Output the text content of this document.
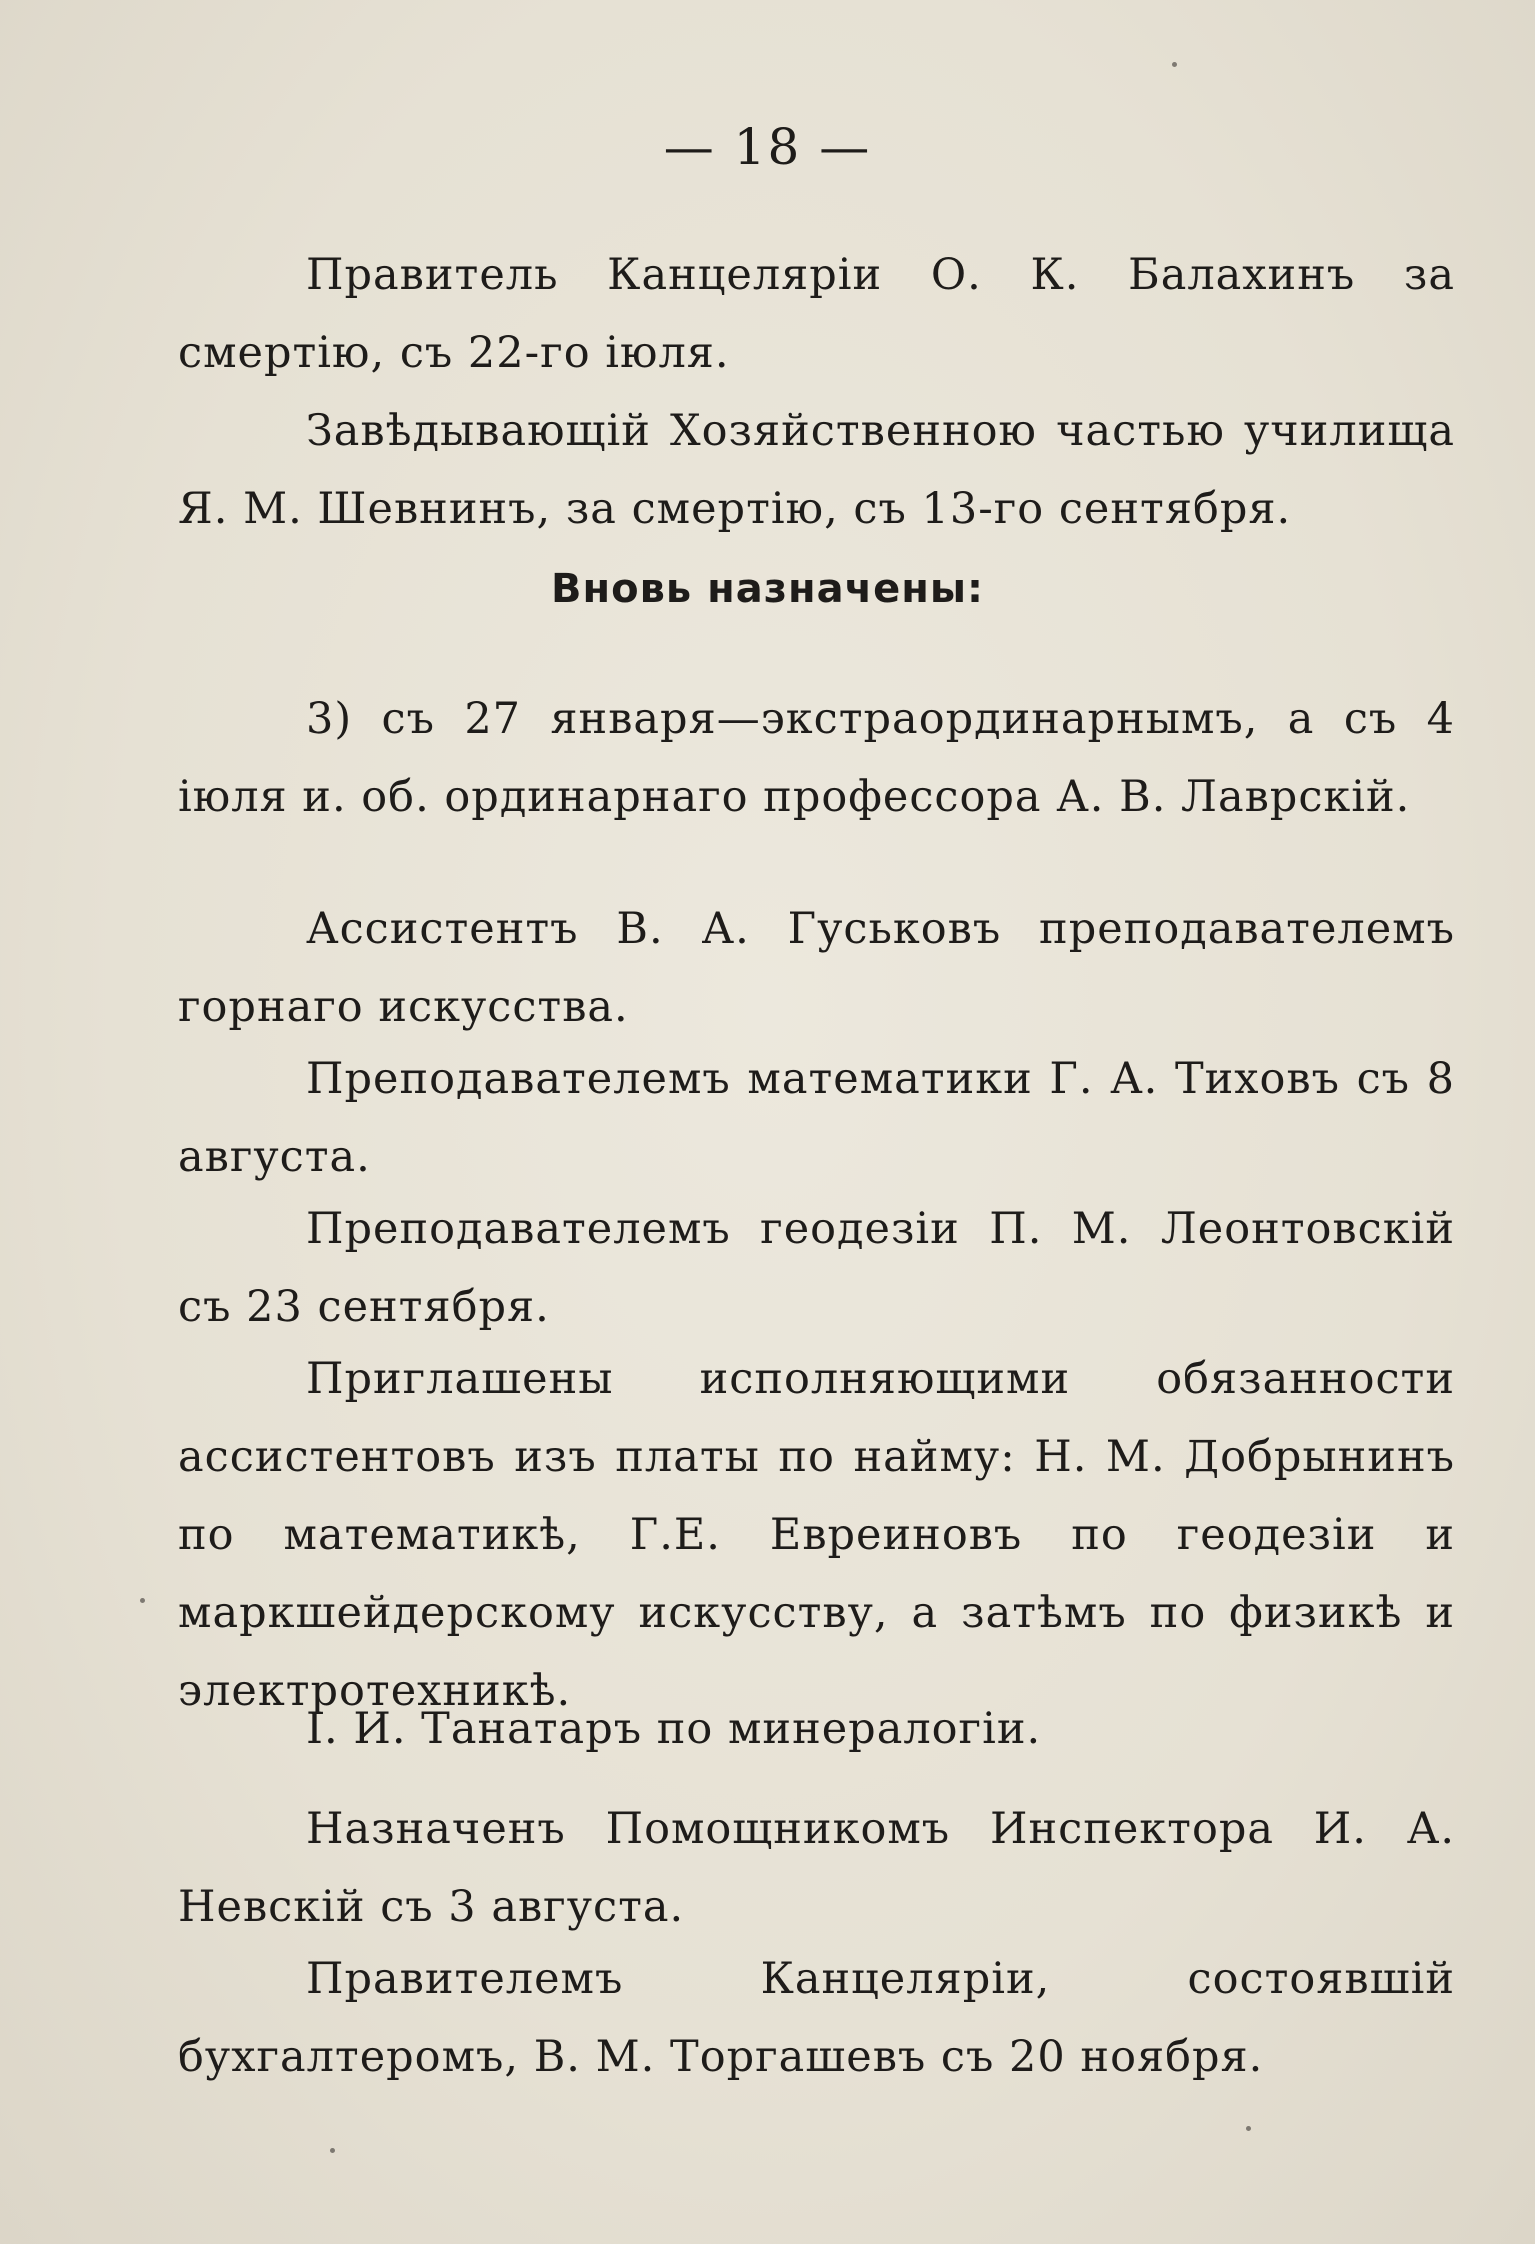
— 18 —

Правитель Канцеляріи О. К. Балахинъ за смертію, съ 22-го іюля.

Завѣдывающій Хозяйственною частью училища Я. М. Шевнинъ, за смертію, съ 13-го сентября.

Вновь назначены:

3) съ 27 января—экстраординарнымъ, а съ 4 іюля и. об. ординарнаго профессора А. В. Лаврскій.

Ассистентъ В. А. Гуськовъ преподавателемъ горнаго искусства.

Преподавателемъ математики Г. А. Тиховъ съ 8 августа.

Преподавателемъ геодезіи П. М. Леонтовскій съ 23 сентября.

Приглашены исполняющими обязанности ассистентовъ изъ платы по найму: Н. М. Добрынинъ по математикѣ, Г.Е. Евреиновъ по геодезіи и маркшейдерскому искусству, а затѣмъ по физикѣ и электротехникѣ.

І. И. Танатаръ по минералогіи.

Назначенъ Помощникомъ Инспектора И. А. Невскій съ 3 августа.

Правителемъ Канцеляріи, состоявшій бухгалтеромъ, В. М. Торгашевъ съ 20 ноября.
